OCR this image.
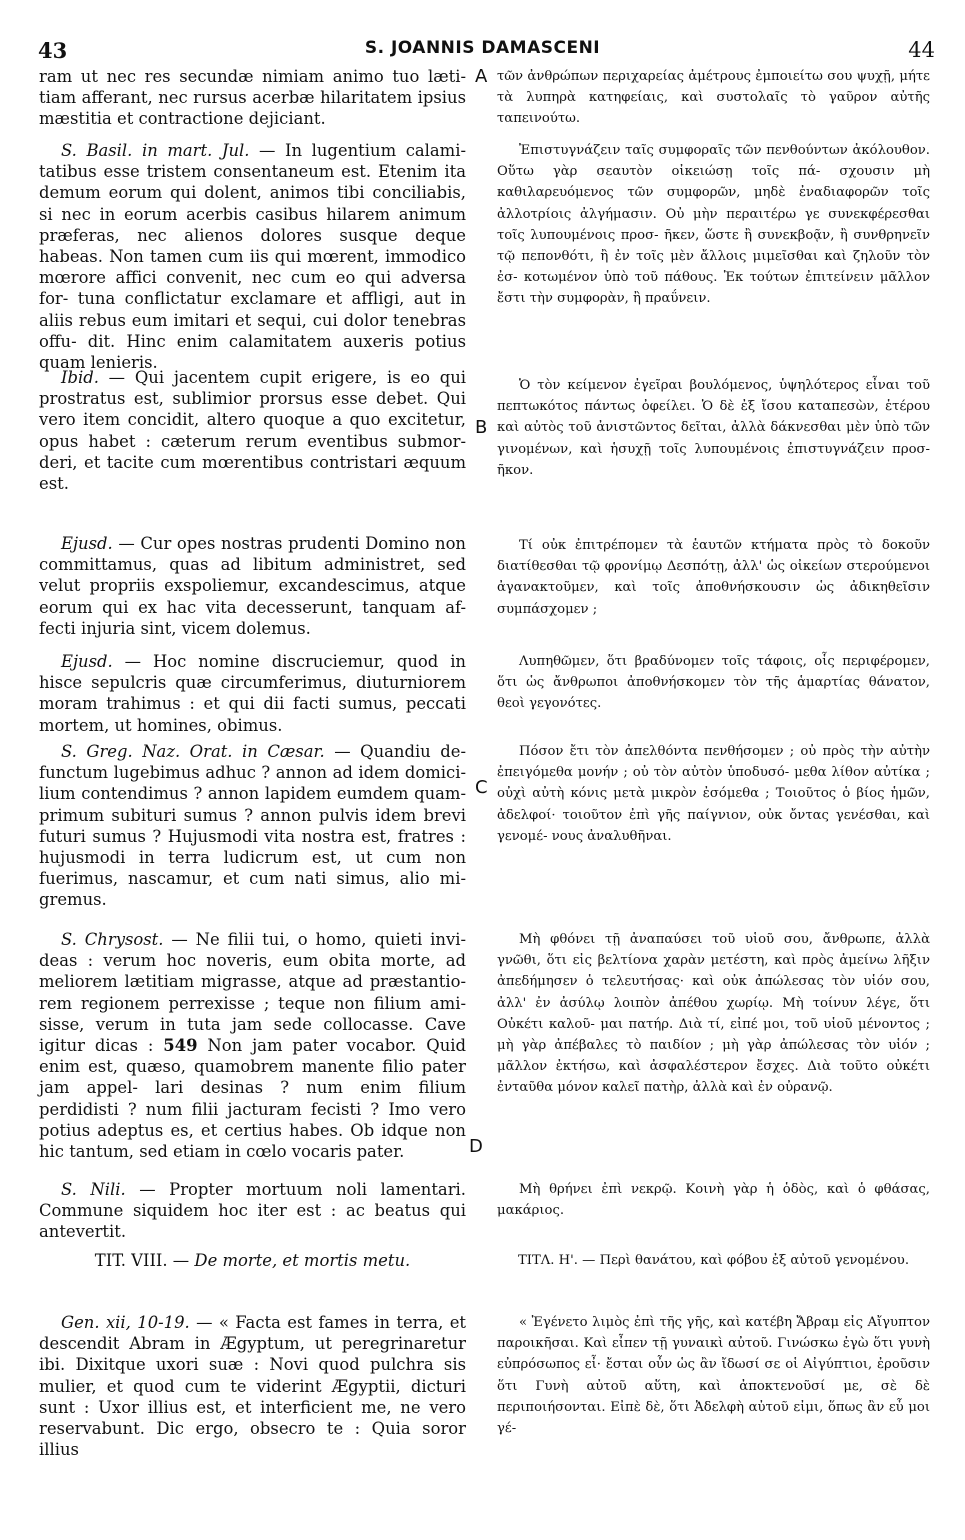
43	S. JOANNIS DAMASCENI	44
A
B
C
D
ram ut nec res secundæ nimiam animo tuo læti- tiam afferant, nec rursus acerbæ hilaritatem ipsius mæstitia et contractione dejiciant.
S. Basil. in mart. Jul. — In lugentium calami- tatibus esse tristem consentaneum est. Etenim ita demum eorum qui dolent, animos tibi conciliabis, si nec in eorum acerbis casibus hilarem animum præferas, nec alienos dolores susque deque habeas. Non tamen cum iis qui mœrent, immodico mœrore affici convenit, nec cum eo qui adversa for- tuna conflictatur exclamare et affligi, aut in aliis rebus eum imitari et sequi, cui dolor tenebras offu- dit. Hinc enim calamitatem auxeris potius quam lenieris.
Ibid. — Qui jacentem cupit erigere, is eo qui prostratus est, sublimior prorsus esse debet. Qui vero item concidit, altero quoque a quo excitetur, opus habet : cæterum rerum eventibus submor- deri, et tacite cum mœrentibus contristari æquum est.
Ejusd. — Cur opes nostras prudenti Domino non committamus, quas ad libitum administret, sed velut propriis exspoliemur, excandescimus, atque eorum qui ex hac vita decesserunt, tanquam af- fecti injuria sint, vicem dolemus.
Ejusd. — Hoc nomine discruciemur, quod in hisce sepulcris quæ circumferimus, diuturniorem moram trahimus : et qui dii facti sumus, peccati mortem, ut homines, obimus.
S. Greg. Naz. Orat. in Cæsar. — Quandiu de- functum lugebimus adhuc ? annon ad idem domici- lium contendimus ? annon lapidem eumdem quam- primum subituri sumus ? annon pulvis idem brevi futuri sumus ? Hujusmodi vita nostra est, fratres : hujusmodi in terra ludicrum est, ut cum non fuerimus, nascamur, et cum nati simus, alio mi- gremus.
S. Chrysost. — Ne filii tui, o homo, quieti invi- deas : verum hoc noveris, eum obita morte, ad meliorem lætitiam migrasse, atque ad præstantio- rem regionem perrexisse ; teque non filium ami- sisse, verum in tuta jam sede collocasse. Cave igitur dicas : 549 Non jam pater vocabor. Quid enim est, quæso, quamobrem manente filio pater jam appel- lari desinas ? num enim filium perdidisti ? num filii jacturam fecisti ? Imo vero potius adeptus es, et certius habes. Ob idque non hic tantum, sed etiam in cœlo vocaris pater.
S. Nili. — Propter mortuum noli lamentari. Commune siquidem hoc iter est : ac beatus qui antevertit.
TIT. VIII. — De morte, et mortis metu.
Gen. xii, 10-19. — « Facta est fames in terra, et descendit Abram in Ægyptum, ut peregrinaretur ibi. Dixitque uxori suæ : Novi quod pulchra sis mulier, et quod cum te viderint Ægyptii, dicturi sunt : Uxor illius est, et interficient me, ne vero reservabunt. Dic ergo, obsecro te : Quia soror illius
τῶν ἀνθρώπων περιχαρείας ἀμέτρους ἐμποιείτω σου ψυχῇ, μήτε τὰ λυπηρὰ κατηφείαις, καὶ συστολαῖς τὸ γαῦρον αὐτῆς ταπεινούτω.
Ἐπιστυγνάζειν ταῖς συμφοραῖς τῶν πενθούντων ἀκόλουθον. Οὕτω γὰρ σεαυτὸν οἰκειώσῃ τοῖς πά- σχουσιν μὴ καθιλαρευόμενος τῶν συμφορῶν, μηδὲ ἐναδιαφορῶν τοῖς ἀλλοτρίοις ἀλγήμασιν. Οὐ μὴν περαιτέρω γε συνεκφέρεσθαι τοῖς λυπουμένοις προσ- ῆκεν, ὥστε ἢ συνεκβοᾷν, ἢ συνθρηνεῖν τῷ πεπονθότι, ἢ ἐν τοῖς μὲν ἄλλοις μιμεῖσθαι καὶ ζηλοῦν τὸν ἐσ- κοτωμένον ὑπὸ τοῦ πάθους. Ἐκ τούτων ἐπιτείνειν μᾶλλον ἔστι τὴν συμφορὰν, ἢ πραΰνειν.
Ὁ τὸν κείμενον ἐγεῖραι βουλόμενος, ὑψηλότερος εἶναι τοῦ πεπτωκότος πάντως ὀφείλει. Ὁ δὲ ἐξ ἴσου καταπεσὼν, ἑτέρου καὶ αὐτὸς τοῦ ἀνιστῶντος δεῖται, ἀλλὰ δάκνεσθαι μὲν ὑπὸ τῶν γινομένων, καὶ ἡσυχῇ τοῖς λυπουμένοις ἐπιστυγνάζειν προσ- ῆκον.
Τί οὐκ ἐπιτρέπομεν τὰ ἑαυτῶν κτήματα πρὸς τὸ δοκοῦν διατίθεσθαι τῷ φρονίμῳ Δεσπότῃ, ἀλλ' ὡς οἰκείων στερούμενοι ἀγανακτοῦμεν, καὶ τοῖς ἀποθνήσκουσιν ὡς ἀδικηθεῖσιν συμπάσχομεν ;
Λυπηθῶμεν, ὅτι βραδύνομεν τοῖς τάφοις, οἷς περιφέρομεν, ὅτι ὡς ἄνθρωποι ἀποθνήσκομεν τὸν τῆς ἁμαρτίας θάνατον, θεοὶ γεγονότες.
Πόσον ἔτι τὸν ἀπελθόντα πενθήσομεν ; οὐ πρὸς τὴν αὐτὴν ἐπειγόμεθα μονήν ; οὐ τὸν αὐτὸν ὑποδυσό- μεθα λίθον αὐτίκα ; οὐχὶ αὐτὴ κόνις μετὰ μικρὸν ἐσόμεθα ; Τοιοῦτος ὁ βίος ἡμῶν, ἀδελφοί· τοιοῦτον ἐπὶ γῆς παίγνιον, οὐκ ὄντας γενέσθαι, καὶ γενομέ- νους ἀναλυθῆναι.
Μὴ φθόνει τῇ ἀναπαύσει τοῦ υἱοῦ σου, ἄνθρωπε, ἀλλὰ γνῶθι, ὅτι εἰς βελτίονα χαρὰν μετέστη, καὶ πρὸς ἀμείνω λῆξιν ἀπεδήμησεν ὁ τελευτήσας· καὶ οὐκ ἀπώλεσας τὸν υἱόν σου, ἀλλ' ἐν ἀσύλῳ λοιπὸν ἀπέθου χωρίῳ. Μὴ τοίνυν λέγε, ὅτι Οὐκέτι καλοῦ- μαι πατήρ. Διὰ τί, εἰπέ μοι, τοῦ υἱοῦ μένοντος ; μὴ γὰρ ἀπέβαλες τὸ παιδίον ; μὴ γὰρ ἀπώλεσας τὸν υἱόν ; μᾶλλον ἐκτήσω, καὶ ἀσφαλέστερον ἔσχες. Διὰ τοῦτο οὐκέτι ἐνταῦθα μόνον καλεῖ πατὴρ, ἀλλὰ καὶ ἐν οὐρανῷ.
Μὴ θρήνει ἐπὶ νεκρῷ. Κοινὴ γὰρ ἡ ὁδὸς, καὶ ὁ φθάσας, μακάριος.
ΤΙΤΛ. Η'. — Περὶ θανάτου, καὶ φόβου ἐξ αὐτοῦ γενομένου.
« Ἐγένετο λιμὸς ἐπὶ τῆς γῆς, καὶ κατέβη Ἄβραμ εἰς Αἴγυπτον παροικῆσαι. Καὶ εἶπεν τῇ γυναικὶ αὐτοῦ. Γινώσκω ἐγὼ ὅτι γυνὴ εὐπρόσωπος εἶ· ἔσται οὖν ὡς ἂν ἴδωσί σε οἱ Αἰγύπτιοι, ἐροῦσιν ὅτι Γυνὴ αὐτοῦ αὕτη, καὶ ἀποκτενοῦσί με, σὲ δὲ περιποιήσονται. Εἰπὲ δὲ, ὅτι Ἀδελφὴ αὐτοῦ εἰμι, ὅπως ἂν εὖ μοι γέ-
